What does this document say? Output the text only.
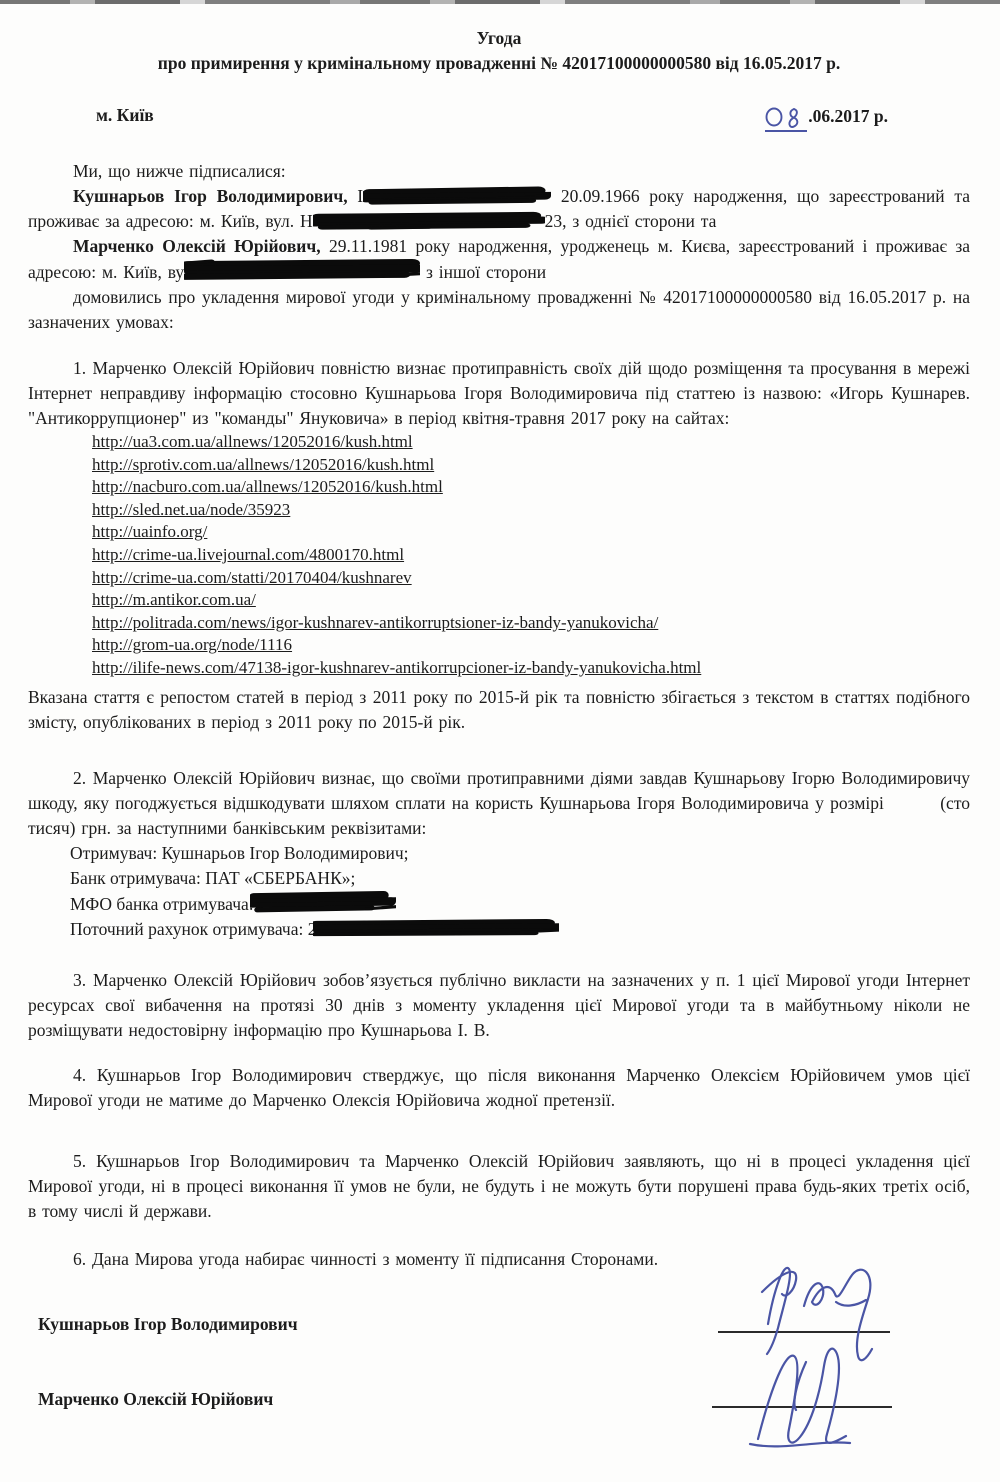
Угода

про примирення у кримінальному провадженні № 42017100000000580 від 16.05.2017 р.

м. Київ	.06.2017 р.

Ми, що нижче підписалися:

Кушнарьов Ігор Володимирович, І	20.09.1966 року народження, що зареєстрований та проживає за адресою: м. Київ, вул. Н	23, з однієї сторони та

Марченко Олексій Юрійович, 29.11.1981 року народження, уродженець м. Києва, зареєстрований і проживає за адресою: м. Київ, ву	з іншої сторони

домовились про укладення мирової угоди у кримінальному провадженні № 42017100000000580 від 16.05.2017 р. на зазначених умовах:

1. Марченко Олексій Юрійович повністю визнає протиправність своїх дій щодо розміщення та просування в мережі Інтернет неправдиву інформацію стосовно Кушнарьова Ігоря Володимировича під статтею із назвою: «Игорь Кушнарев. "Антикоррупционер" из "команды" Януковича» в період квітня-травня 2017 року на сайтах:

http://ua3.com.ua/allnews/12052016/kush.html
http://sprotiv.com.ua/allnews/12052016/kush.html
http://nacburo.com.ua/allnews/12052016/kush.html
http://sled.net.ua/node/35923
http://uainfo.org/
http://crime-ua.livejournal.com/4800170.html
http://crime-ua.com/statti/20170404/kushnarev
http://m.antikor.com.ua/
http://politrada.com/news/igor-kushnarev-antikorruptsioner-iz-bandy-yanukovicha/
http://grom-ua.org/node/1116
http://ilife-news.com/47138-igor-kushnarev-antikorrupcioner-iz-bandy-yanukovicha.html

Вказана стаття є репостом статей в період з 2011 року по 2015-й рік та повністю збігається з текстом в статтях подібного змісту, опублікованих в період з 2011 року по 2015-й рік.

2. Марченко Олексій Юрійович визнає, що своїми протиправними діями завдав Кушнарьову Ігорю Володимировичу шкоду, яку погоджується відшкодувати шляхом сплати на користь Кушнарьова Ігоря Володимировича у розмірі	(сто тисяч) грн. за наступними банківським реквізитами:

Отримувач: Кушнарьов Ігор Володимирович;
Банк отримувача: ПАТ «СБЕРБАНК»;
МФО банка отримувача:
Поточний рахунок отримувача: 2

3. Марченко Олексій Юрійович зобов’язується публічно викласти на зазначених у п. 1 цієї Мирової угоди Інтернет ресурсах свої вибачення на протязі 30 днів з моменту укладення цієї Мирової угоди та в майбутньому ніколи не розміщувати недостовірну інформацію про Кушнарьова І. В.

4. Кушнарьов Ігор Володимирович стверджує, що після виконання Марченко Олексієм Юрійовичем умов цієї Мирової угоди не матиме до Марченко Олексія Юрійовича жодної претензії.

5. Кушнарьов Ігор Володимирович та Марченко Олексій Юрійович заявляють, що ні в процесі укладення цієї Мирової угоди, ні в процесі виконання її умов не були, не будуть і не можуть бути порушені права будь-яких третіх осіб, в тому числі й держави.

6. Дана Мирова угода набирає чинності з моменту її підписання Сторонами.

Кушнарьов Ігор Володимирович
Марченко Олексій Юрійович
